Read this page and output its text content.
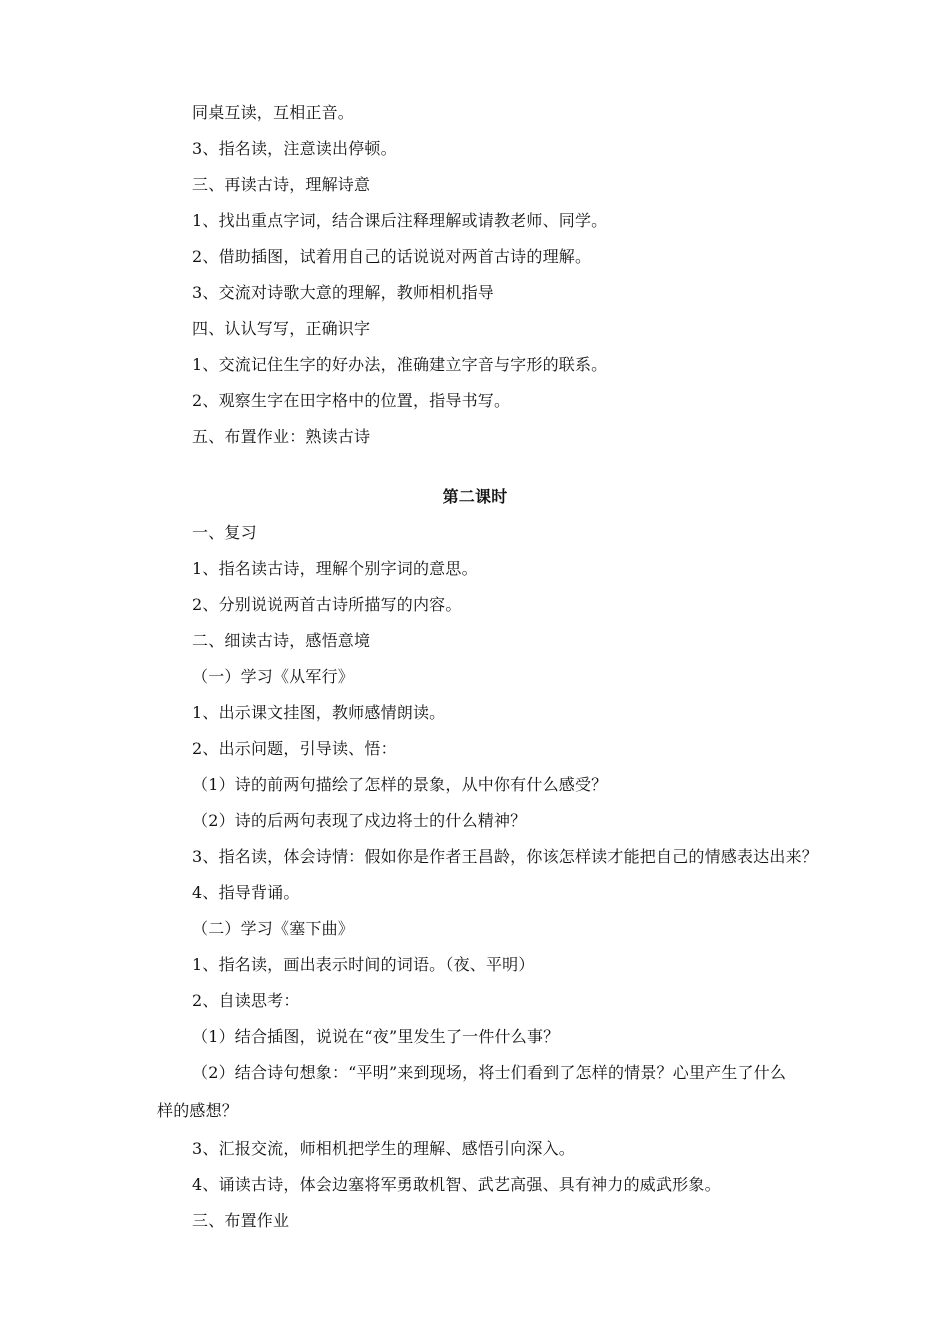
同桌互读，互相正音。
3、指名读，注意读出停顿。
三、再读古诗，理解诗意
1、找出重点字词，结合课后注释理解或请教老师、同学。
2、借助插图，试着用自己的话说说对两首古诗的理解。
3、交流对诗歌大意的理解，教师相机指导
四、认认写写，正确识字
1、交流记住生字的好办法，准确建立字音与字形的联系。
2、观察生字在田字格中的位置，指导书写。
五、布置作业：熟读古诗
第二课时
一、复习
1、指名读古诗，理解个别字词的意思。
2、分别说说两首古诗所描写的内容。
二、细读古诗，感悟意境
（一）学习《从军行》
1、出示课文挂图，教师感情朗读。
2、出示问题，引导读、悟：
（1）诗的前两句描绘了怎样的景象，从中你有什么感受？
（2）诗的后两句表现了戍边将士的什么精神？
3、指名读，体会诗情：假如你是作者王昌龄，你该怎样读才能把自己的情感表达出来？
4、指导背诵。
（二）学习《塞下曲》
1、指名读，画出表示时间的词语。（夜、平明）
2、自读思考：
（1）结合插图，说说在“夜”里发生了一件什么事？
（2）结合诗句想象：“平明”来到现场，将士们看到了怎样的情景？心里产生了什么
样的感想？
3、汇报交流，师相机把学生的理解、感悟引向深入。
4、诵读古诗，体会边塞将军勇敢机智、武艺高强、具有神力的威武形象。
三、布置作业
